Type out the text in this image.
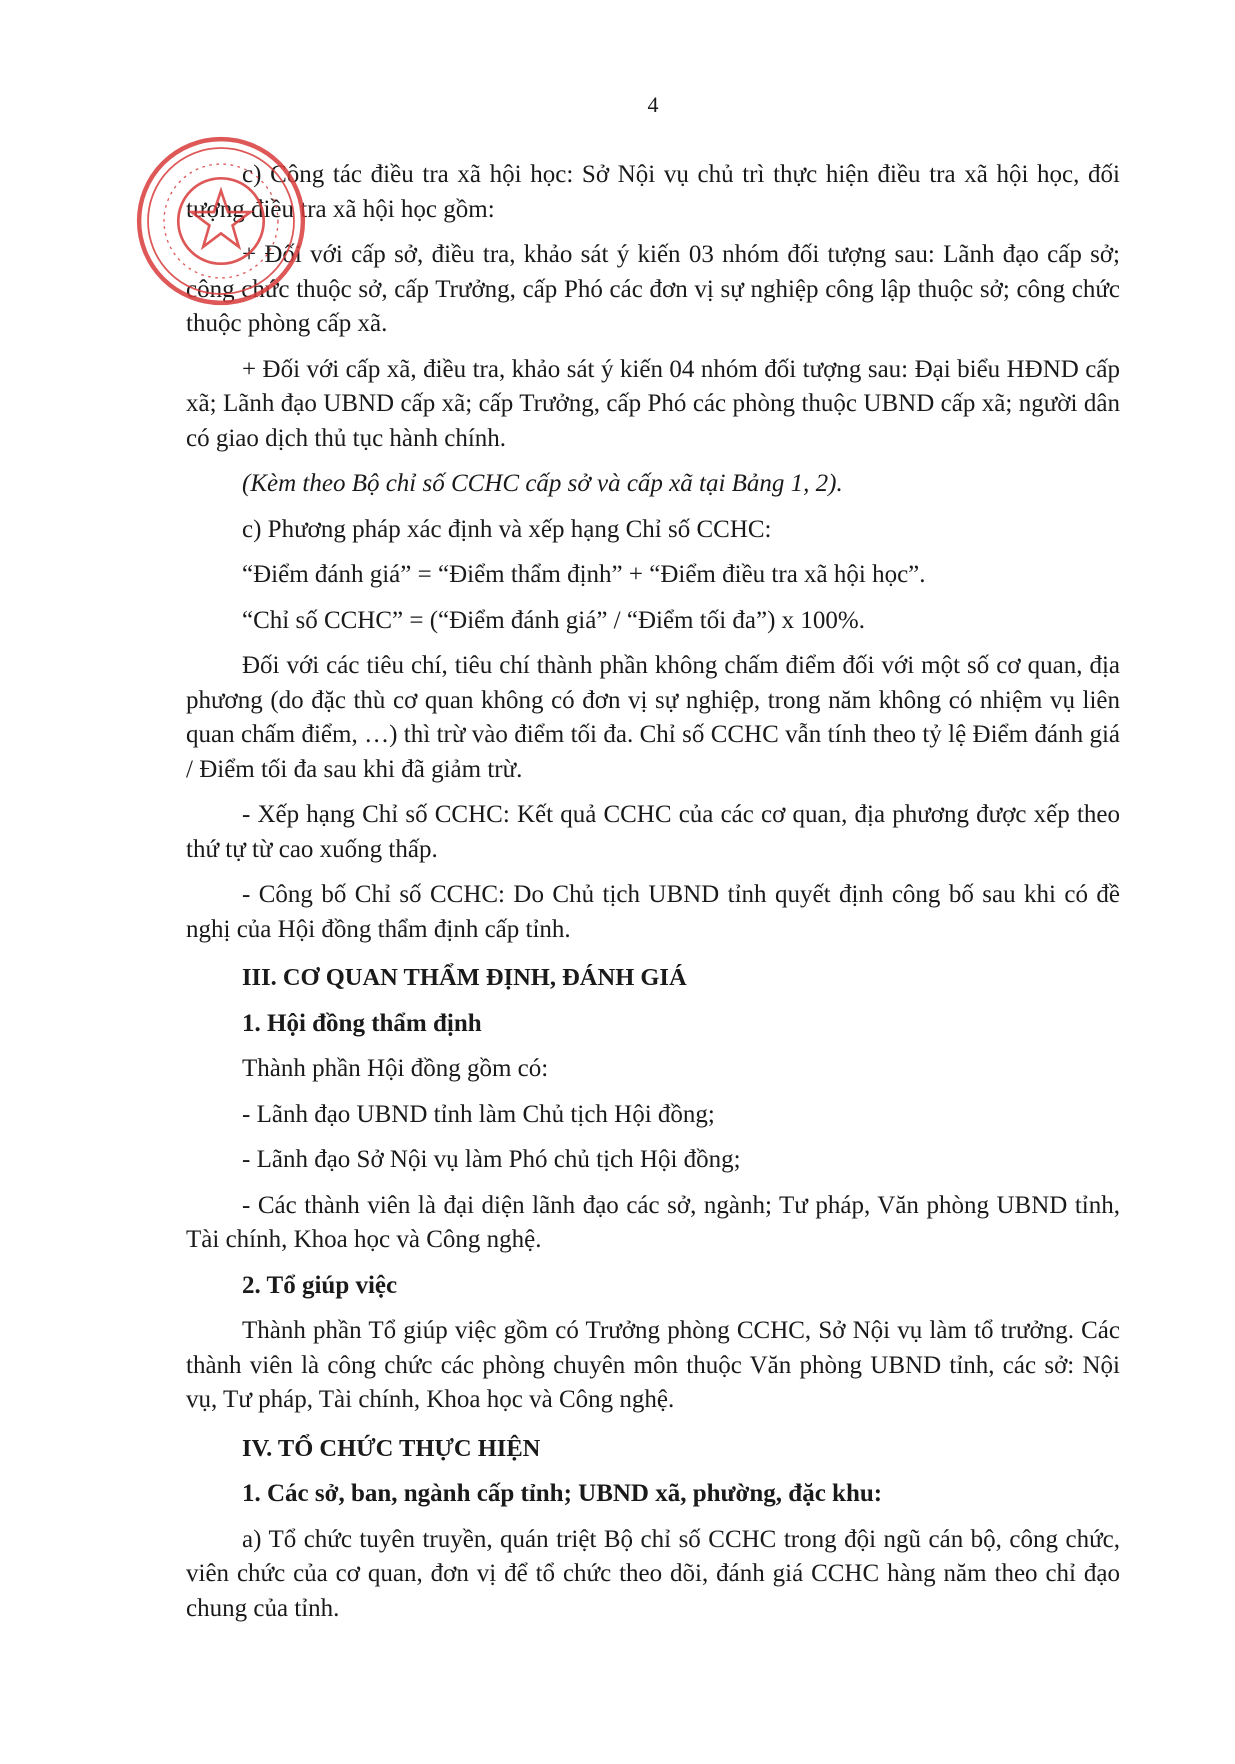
4

c) Công tác điều tra xã hội học: Sở Nội vụ chủ trì thực hiện điều tra xã hội học, đối tượng điều tra xã hội học gồm:

+ Đối với cấp sở, điều tra, khảo sát ý kiến 03 nhóm đối tượng sau: Lãnh đạo cấp sở; công chức thuộc sở, cấp Trưởng, cấp Phó các đơn vị sự nghiệp công lập thuộc sở; công chức thuộc phòng cấp xã.

+ Đối với cấp xã, điều tra, khảo sát ý kiến 04 nhóm đối tượng sau: Đại biểu HĐND cấp xã; Lãnh đạo UBND cấp xã; cấp Trưởng, cấp Phó các phòng thuộc UBND cấp xã; người dân có giao dịch thủ tục hành chính.

(Kèm theo Bộ chỉ số CCHC cấp sở và cấp xã tại Bảng 1, 2).

c) Phương pháp xác định và xếp hạng Chỉ số CCHC:

“Điểm đánh giá” = “Điểm thẩm định” + “Điểm điều tra xã hội học”.

“Chỉ số CCHC” = (“Điểm đánh giá” / “Điểm tối đa”) x 100%.

Đối với các tiêu chí, tiêu chí thành phần không chấm điểm đối với một số cơ quan, địa phương (do đặc thù cơ quan không có đơn vị sự nghiệp, trong năm không có nhiệm vụ liên quan chấm điểm, …) thì trừ vào điểm tối đa. Chỉ số CCHC vẫn tính theo tỷ lệ Điểm đánh giá / Điểm tối đa sau khi đã giảm trừ.

- Xếp hạng Chỉ số CCHC: Kết quả CCHC của các cơ quan, địa phương được xếp theo thứ tự từ cao xuống thấp.

- Công bố Chỉ số CCHC: Do Chủ tịch UBND tỉnh quyết định công bố sau khi có đề nghị của Hội đồng thẩm định cấp tỉnh.

III. CƠ QUAN THẨM ĐỊNH, ĐÁNH GIÁ
1. Hội đồng thẩm định

Thành phần Hội đồng gồm có:

- Lãnh đạo UBND tỉnh làm Chủ tịch Hội đồng;

- Lãnh đạo Sở Nội vụ làm Phó chủ tịch Hội đồng;

- Các thành viên là đại diện lãnh đạo các sở, ngành; Tư pháp, Văn phòng UBND tỉnh, Tài chính, Khoa học và Công nghệ.

2. Tổ giúp việc

Thành phần Tổ giúp việc gồm có Trưởng phòng CCHC, Sở Nội vụ làm tổ trưởng. Các thành viên là công chức các phòng chuyên môn thuộc Văn phòng UBND tỉnh, các sở: Nội vụ, Tư pháp, Tài chính, Khoa học và Công nghệ.

IV. TỔ CHỨC THỰC HIỆN
1. Các sở, ban, ngành cấp tỉnh; UBND xã, phường, đặc khu:

a) Tổ chức tuyên truyền, quán triệt Bộ chỉ số CCHC trong đội ngũ cán bộ, công chức, viên chức của cơ quan, đơn vị để tổ chức theo dõi, đánh giá CCHC hàng năm theo chỉ đạo chung của tỉnh.
